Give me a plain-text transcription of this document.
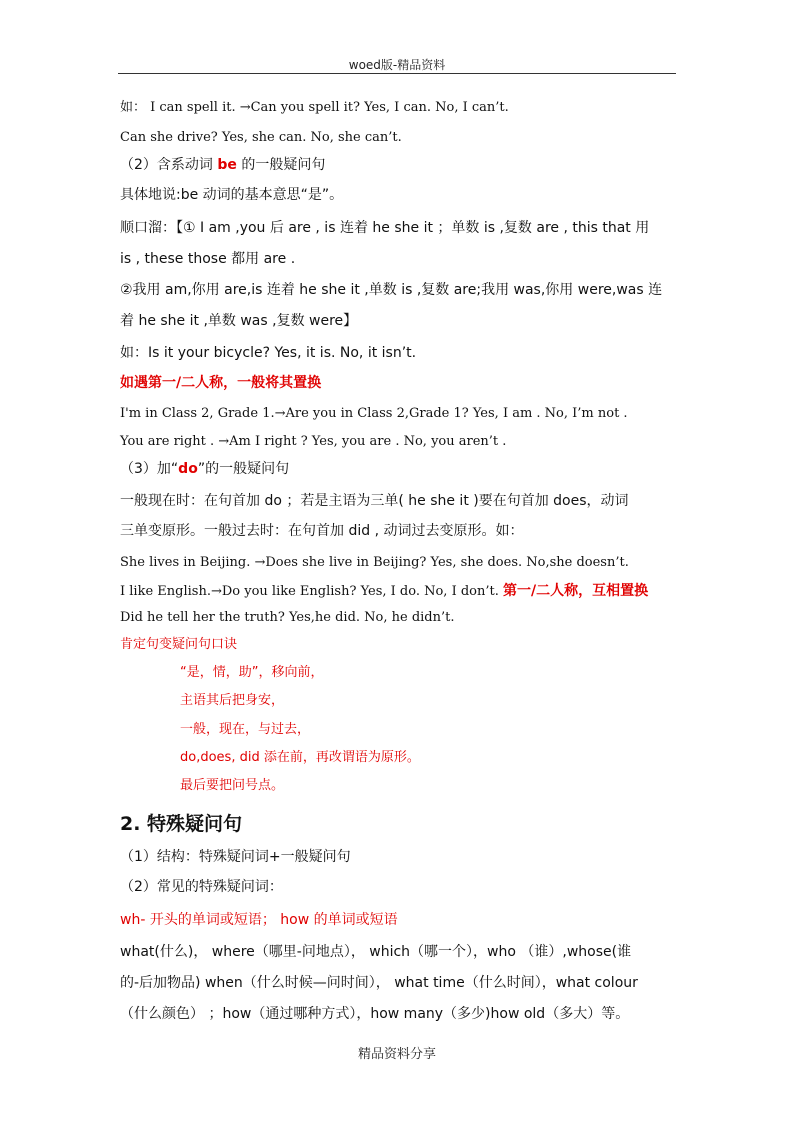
woed版-精品资料
如： I can spell it. →Can you spell it? Yes, I can. No, I can’t.
Can she drive? Yes, she can. No, she can’t.
（2）含系动词 be 的一般疑问句
具体地说:be 动词的基本意思“是”。
顺口溜：【① I am ,you 后 are , is 连着 he she it ；单数 is ,复数 are , this that 用
is , these those 都用 are .
②我用 am,你用 are,is 连着 he she it ,单数 is ,复数 are;我用 was,你用 were,was 连
着 he she it ,单数 was ,复数 were】
如：Is it your bicycle? Yes, it is. No, it isn’t.
如遇第一/二人称，一般将其置换
I'm in Class 2, Grade 1.→Are you in Class 2,Grade 1? Yes, I am . No, I’m not .
You are right . →Am I right ? Yes, you are . No, you aren’t .
（3）加“do”的一般疑问句
一般现在时：在句首加 do ；若是主语为三单( he she it )要在句首加 does，动词
三单变原形。一般过去时：在句首加 did , 动词过去变原形。如：
She lives in Beijing. →Does she live in Beijing? Yes, she does. No,she doesn’t.
I like English.→Do you like English? Yes, I do. No, I don’t. 第一/二人称，互相置换
Did he tell her the truth? Yes,he did. No, he didn’t.
肯定句变疑问句口诀
“是，情，助”，移向前，
主语其后把身安，
一般，现在，与过去，
do,does, did 添在前，再改谓语为原形。
最后要把问号点。
2. 特殊疑问句
（1）结构：特殊疑问词+一般疑问句
（2）常见的特殊疑问词：
wh- 开头的单词或短语； how 的单词或短语
what(什么)， where（哪里-问地点）， which（哪一个），who （谁）,whose(谁
的-后加物品) when（什么时候—问时间）， what time（什么时间），what colour
（什么颜色） ；how（通过哪种方式），how many（多少)how old（多大）等。
精品资料分享
